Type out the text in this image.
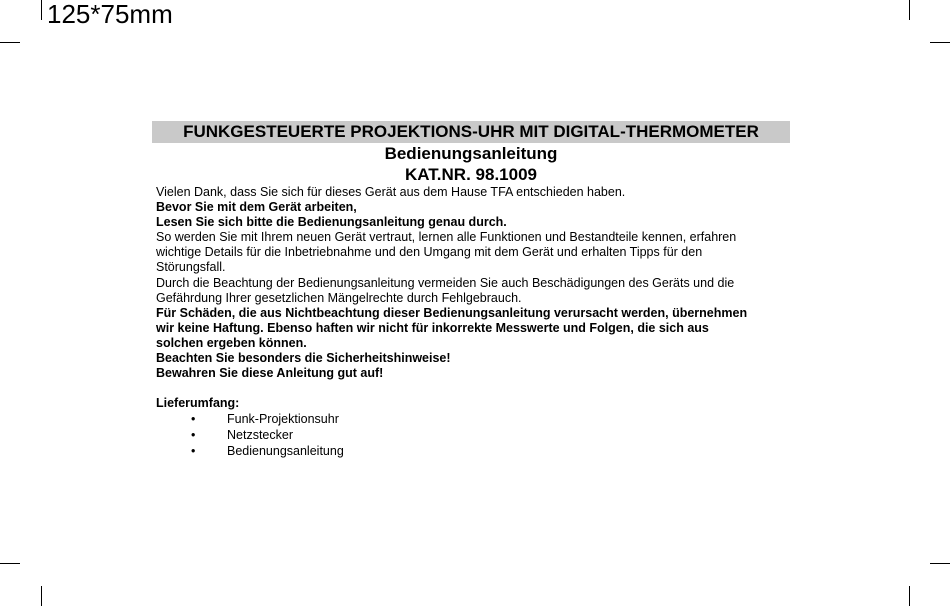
125*75mm
FUNKGESTEUERTE PROJEKTIONS-UHR MIT DIGITAL-THERMOMETER
Bedienungsanleitung
KAT.NR. 98.1009

Vielen Dank, dass Sie sich für dieses Gerät aus dem Hause TFA entschieden haben.

Bevor Sie mit dem Gerät arbeiten,

Lesen Sie sich bitte die Bedienungsanleitung genau durch.

So werden Sie mit Ihrem neuen Gerät vertraut, lernen alle Funktionen und Bestandteile kennen, erfahren

wichtige Details für die Inbetriebnahme und den Umgang mit dem Gerät und erhalten Tipps für den

Störungsfall.

Durch die Beachtung der Bedienungsanleitung vermeiden Sie auch Beschädigungen des Geräts und die

Gefährdung Ihrer gesetzlichen Mängelrechte durch Fehlgebrauch.

Für Schäden, die aus Nichtbeachtung dieser Bedienungsanleitung verursacht werden, übernehmen

wir keine Haftung. Ebenso haften wir nicht für inkorrekte Messwerte und Folgen, die sich aus

solchen ergeben können.

Beachten Sie besonders die Sicherheitshinweise!

Bewahren Sie diese Anleitung gut auf!

Lieferumfang:

•	Funk-Projektionsuhr
•	Netzstecker
•	Bedienungsanleitung
